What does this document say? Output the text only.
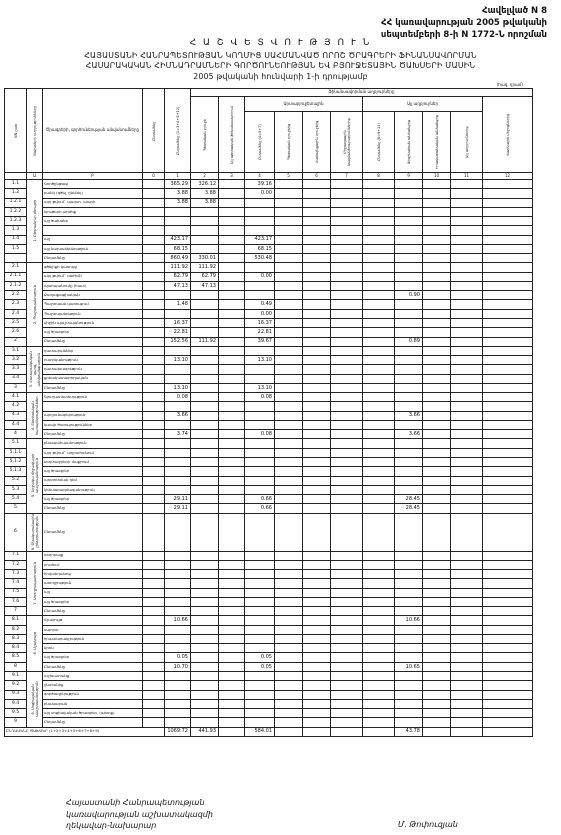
Հավելված N 8
ՀՀ կառավարության 2005 թվականի
սեպտեմբերի 8-ի N 1772-Ն որոշման
Հ Ա Շ Վ Ե Տ Վ Ո Ւ Թ Յ Ո Ւ Ն
ՀԱՅԱՍՏԱՆԻ ՀԱՆՐԱՊԵՏՈՒԹՅԱՆ ԿՈՂՄԻՑ ՍԱՀՄԱՆՎԱԾ ՈՐՈՇ ԾՐԱԳՐԵՐԻ ՖԻՆԱՆՍԱՎՈՐՄԱՆ
ՀԱՍԱՐԱԿԱԿԱՆ ՀԻՄՆԱԴՐԱՄՆԵՐԻ ԳՈՐԾՈՒՆԵՈՒԹՅԱՆ ԵՎ ԲՅՈՒՋԵՏԱՅԻՆ ԾԱԽՍԵՐԻ ՄԱՍԻՆ
2005 թվականի հունվարի 1-ի դրությամբ
(հազ. դրամ)
NN ըստ	Ծախսերի ուղղությունները	Ծրագրերի, գործունեության անվանումները	Ընդամենը	Ընդամենը (1=3+4+8+12)	Ֆինանսավորման աղբյուրները										

					Պետական բյուջե	Այլ պետական ֆինանսավորում	Արտաբյուջետային				Այլ աղբյուրներ				Վարկային միջոցներից

							Ընդամենը (4=5+7)	Պետական բյուջեից	Համայնքային բյուջեից	Միջազգային կազմակերպություններից	Ընդամենը (8=9+11)	Ֆիզիկական անձանցից	Իրավաբանական անձանցից	Այլ աղբյուրներից	

	Ա	Բ	0	1	2	3	4	5	6	7	8	9	10	11	12
1.1	1. Ընդհանուր բնույթի	Գործընթաց		365.29	326.12		39.16								
1.2		բանկ (գծել, ընկնել)		3.88	3.88		0.00								
1.2.1		այդ թվում` պարտ. ապրի		3.88	3.88										
1.2.2		նյութերի արժեք													
1.2.3		այլ ծախսեր													
1.3															
1.4		այլ		423.17			423.17								
1.5		այլ նախաձեռնություն		68.15			68.15								
		Ընդամենը		860.49	330.01		530.48								
2.1	2. Պաշտպանություն	գծելիքի կառույց		111.92	111.92										
2.1.1		այդ թվում` ռեժիմի		62.79	62.79		0.00								
2.1.2		պահպանումը (հատ)		47.13	47.13										
2.2		Քաղաքացիական										0.90			
2.3		Պաշտպան կառուցում		1.48			0.49								
2.4		Պաշտպանություն					0.00								
2.5		միջին պաշտպանություն		16.37			16.37								
2.6		այլ ծրագրեր		22.81			22.81								
2		Ընդամենը		152.56	111.92		39.67					0.89			
3.1	3. Հասարակական կարգ, անվտանգություն	դատարաններ													
3.2		ոստիկանություն		13.10			13.10								
3.3		դատախազություն													
3.4		քրեակատարողական													
3		Ընդամենը		13.10			13.10								
4.1	4. Տնտեսական հարաբերություններ	Գյուղատնտեսություն		0.08			0.08								
4.2															
4.3		արդյունաբերություն		3.66								3.66			
4.4		կապի ծառայություններ													
4		Ընդամենը		3.74			0.08					3.66			
5.1	5. Շրջակա միջավայրի պաշտպանություն	բնապահպանություն													
5.1.1		այդ թվում` աղբահանում													
5.1.2		կեղտաջրերի մաքրում													
5.1.3		այլ ծրագրեր													
5.2		աղտոտման դեմ													
5.3		կենսաբազմազանություն													
5.4		այլ ծրագրեր		29.11			0.66					28.45			
5		Ընդամենը		29.11			0.66					28.45			
6	6. Բնակարանային շինարարություն	Ընդամենը													
7.1	7. Առողջապահություն	դեղորայք													
7.2		բուժում													
7.3		հիվանդանոց													
7.4		առողջություն													
7.5		այլ													
7.6		այլ ծրագրեր													
7		Ընդամենը													
8.1	8. Մշակույթ	մշակույթ		10.66								10.66			
8.2		սպորտ													
8.3		հրատարակչություն													
8.4		կրոն													
8.5		այլ ծրագրեր		0.05			0.05								
8		Ընդամենը		10.70			0.05					10.65			
9.1	9. Սոցիալական պաշտպանություն	աշխատանք													
9.2		ընտանիք													
9.3		գործազրկություն													
9.4		բնակարան													
9.5		այլ սոցիալական ծրագրեր, (պետք)													
9		Ընդամենը													
ԸՆԴԱՄԵՆԸ ԾԱԽՍԵՐ (1+2+3+4+5+6+7+8+9)				1069.72	441.93		584.01					43.78			
Հայաստանի Հանրապետության
կառավարության աշխատակազմի
ղեկավար-նախարար	Մ. Թոփուզյան
